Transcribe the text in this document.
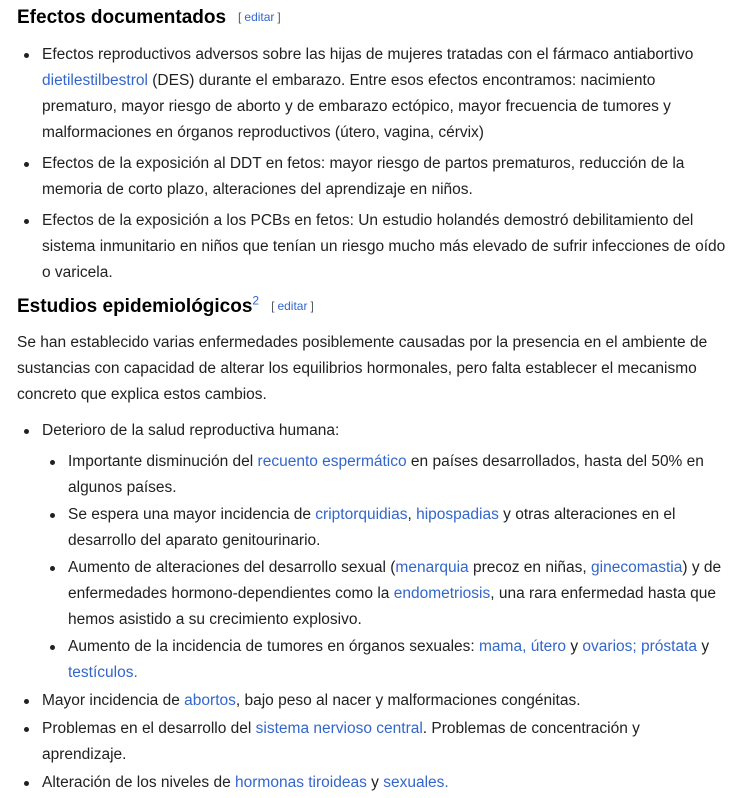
Efectos documentados [ editar ]
Efectos reproductivos adversos sobre las hijas de mujeres tratadas con el fármaco antiabortivo dietilestilbestrol (DES) durante el embarazo. Entre esos efectos encontramos: nacimiento prematuro, mayor riesgo de aborto y de embarazo ectópico, mayor frecuencia de tumores y malformaciones en órganos reproductivos (útero, vagina, cérvix)
Efectos de la exposición al DDT en fetos: mayor riesgo de partos prematuros, reducción de la memoria de corto plazo, alteraciones del aprendizaje en niños.
Efectos de la exposición a los PCBs en fetos: Un estudio holandés demostró debilitamiento del sistema inmunitario en niños que tenían un riesgo mucho más elevado de sufrir infecciones de oído o varicela.
Estudios epidemiológicos$^2$ [ editar ]

Se han establecido varias enfermedades posiblemente causadas por la presencia en el ambiente de sustancias con capacidad de alterar los equilibrios hormonales, pero falta establecer el mecanismo concreto que explica estos cambios.

Deterioro de la salud reproductiva humana:
Importante disminución del recuento espermático en países desarrollados, hasta del 50% en algunos países.
Se espera una mayor incidencia de criptorquidias, hipospadias y otras alteraciones en el desarrollo del aparato genitourinario.
Aumento de alteraciones del desarrollo sexual (menarquia precoz en niñas, ginecomastia) y de enfermedades hormono-dependientes como la endometriosis, una rara enfermedad hasta que hemos asistido a su crecimiento explosivo.
Aumento de la incidencia de tumores en órganos sexuales: mama, útero y ovarios; próstata y testículos.
Mayor incidencia de abortos, bajo peso al nacer y malformaciones congénitas.
Problemas en el desarrollo del sistema nervioso central. Problemas de concentración y aprendizaje.
Alteración de los niveles de hormonas tiroideas y sexuales.
